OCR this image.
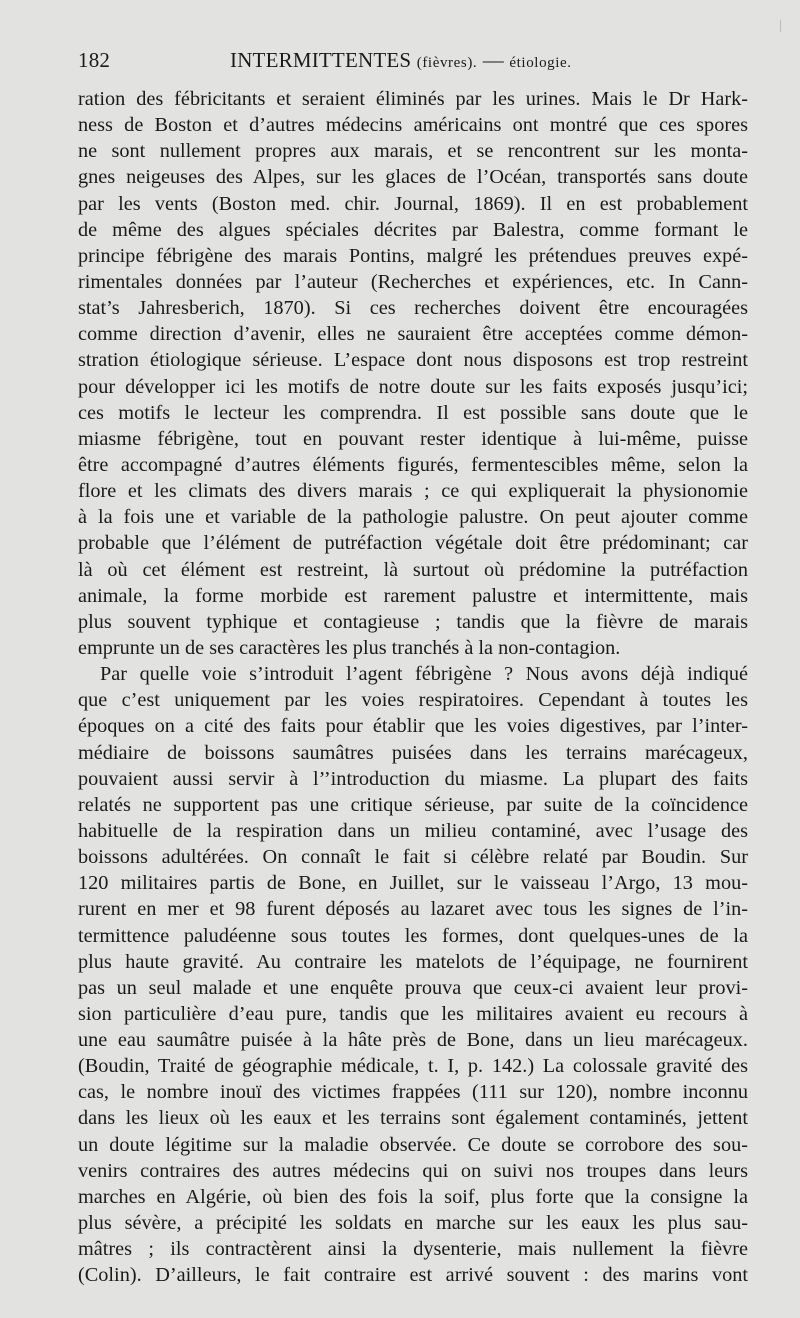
182	INTERMITTENTES (fièvres). — étiologie.
ration des fébricitants et seraient éliminés par les urines. Mais le Dr Hark-
ness de Boston et d’autres médecins américains ont montré que ces spores
ne sont nullement propres aux marais, et se rencontrent sur les monta-
gnes neigeuses des Alpes, sur les glaces de l’Océan, transportés sans doute
par les vents (Boston med. chir. Journal, 1869). Il en est probablement
de même des algues spéciales décrites par Balestra, comme formant le
principe fébrigène des marais Pontins, malgré les prétendues preuves expé-
rimentales données par l’auteur (Recherches et expériences, etc. In Cann-
stat’s Jahresberich, 1870). Si ces recherches doivent être encouragées
comme direction d’avenir, elles ne sauraient être acceptées comme démon-
stration étiologique sérieuse. L’espace dont nous disposons est trop restreint
pour développer ici les motifs de notre doute sur les faits exposés jusqu’ici;
ces motifs le lecteur les comprendra. Il est possible sans doute que le
miasme fébrigène, tout en pouvant rester identique à lui-même, puisse
être accompagné d’autres éléments figurés, fermentescibles même, selon la
flore et les climats des divers marais ; ce qui expliquerait la physionomie
à la fois une et variable de la pathologie palustre. On peut ajouter comme
probable que l’élément de putréfaction végétale doit être prédominant; car
là où cet élément est restreint, là surtout où prédomine la putréfaction
animale, la forme morbide est rarement palustre et intermittente, mais
plus souvent typhique et contagieuse ; tandis que la fièvre de marais
emprunte un de ses caractères les plus tranchés à la non-contagion.
Par quelle voie s’introduit l’agent fébrigène ? Nous avons déjà indiqué
que c’est uniquement par les voies respiratoires. Cependant à toutes les
époques on a cité des faits pour établir que les voies digestives, par l’inter-
médiaire de boissons saumâtres puisées dans les terrains marécageux,
pouvaient aussi servir à l’’introduction du miasme. La plupart des faits
relatés ne supportent pas une critique sérieuse, par suite de la coïncidence
habituelle de la respiration dans un milieu contaminé, avec l’usage des
boissons adultérées. On connaît le fait si célèbre relaté par Boudin. Sur
120 militaires partis de Bone, en Juillet, sur le vaisseau l’Argo, 13 mou-
rurent en mer et 98 furent déposés au lazaret avec tous les signes de l’in-
termittence paludéenne sous toutes les formes, dont quelques-unes de la
plus haute gravité. Au contraire les matelots de l’équipage, ne fournirent
pas un seul malade et une enquête prouva que ceux-ci avaient leur provi-
sion particulière d’eau pure, tandis que les militaires avaient eu recours à
une eau saumâtre puisée à la hâte près de Bone, dans un lieu marécageux.
(Boudin, Traité de géographie médicale, t. I, p. 142.) La colossale gravité des
cas, le nombre inouï des victimes frappées (111 sur 120), nombre inconnu
dans les lieux où les eaux et les terrains sont également contaminés, jettent
un doute légitime sur la maladie observée. Ce doute se corrobore des sou-
venirs contraires des autres médecins qui on suivi nos troupes dans leurs
marches en Algérie, où bien des fois la soif, plus forte que la consigne la
plus sévère, a précipité les soldats en marche sur les eaux les plus sau-
mâtres ; ils contractèrent ainsi la dysenterie, mais nullement la fièvre
(Colin). D’ailleurs, le fait contraire est arrivé souvent : des marins vont
